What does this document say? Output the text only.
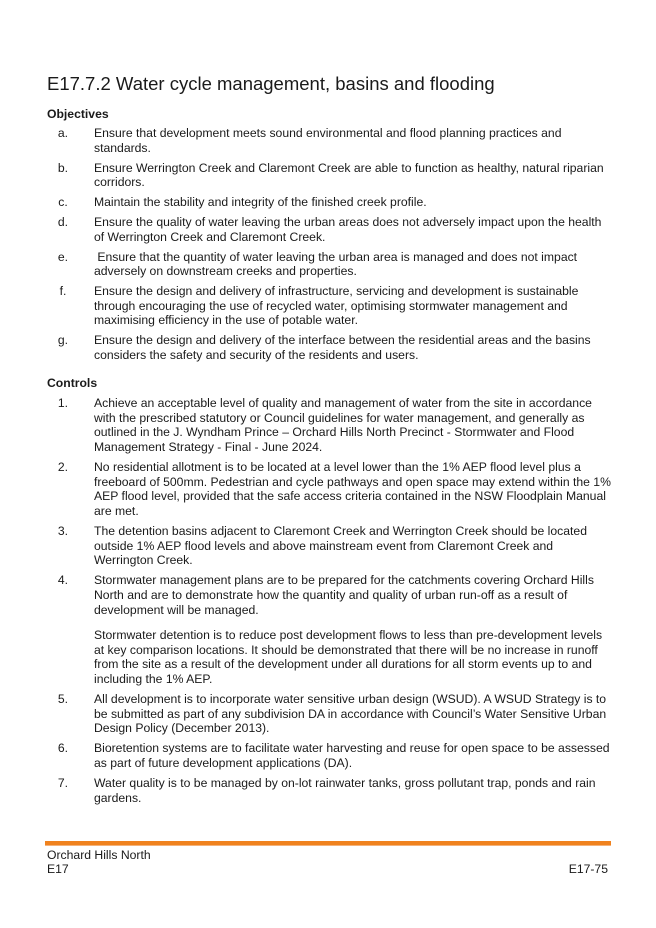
E17.7.2 Water cycle management, basins and flooding
Objectives
a.	Ensure that development meets sound environmental and flood planning practices and standards.
b.	Ensure Werrington Creek and Claremont Creek are able to function as healthy, natural riparian corridors.
c.	Maintain the stability and integrity of the finished creek profile.
d.	Ensure the quality of water leaving the urban areas does not adversely impact upon the health of Werrington Creek and Claremont Creek.
e.	Ensure that the quantity of water leaving the urban area is managed and does not impact adversely on downstream creeks and properties.
f.	Ensure the design and delivery of infrastructure, servicing and development is sustainable through encouraging the use of recycled water, optimising stormwater management and maximising efficiency in the use of potable water.
g.	Ensure the design and delivery of the interface between the residential areas and the basins considers the safety and security of the residents and users.
Controls
1.	Achieve an acceptable level of quality and management of water from the site in accordance with the prescribed statutory or Council guidelines for water management, and generally as outlined in the J. Wyndham Prince – Orchard Hills North Precinct - Stormwater and Flood Management Strategy - Final - June 2024.
2.	No residential allotment is to be located at a level lower than the 1% AEP flood level plus a freeboard of 500mm. Pedestrian and cycle pathways and open space may extend within the 1% AEP flood level, provided that the safe access criteria contained in the NSW Floodplain Manual are met.
3.	The detention basins adjacent to Claremont Creek and Werrington Creek should be located outside 1% AEP flood levels and above mainstream event from Claremont Creek and Werrington Creek.
4.	Stormwater management plans are to be prepared for the catchments covering Orchard Hills North and are to demonstrate how the quantity and quality of urban run-off as a result of development will be managed.
Stormwater detention is to reduce post development flows to less than pre-development levels at key comparison locations. It should be demonstrated that there will be no increase in runoff from the site as a result of the development under all durations for all storm events up to and including the 1% AEP.
5.	All development is to incorporate water sensitive urban design (WSUD). A WSUD Strategy is to be submitted as part of any subdivision DA in accordance with Council’s Water Sensitive Urban Design Policy (December 2013).
6.	Bioretention systems are to facilitate water harvesting and reuse for open space to be assessed as part of future development applications (DA).
7.	Water quality is to be managed by on-lot rainwater tanks, gross pollutant trap, ponds and rain gardens.
Orchard Hills North
E17	E17-75
